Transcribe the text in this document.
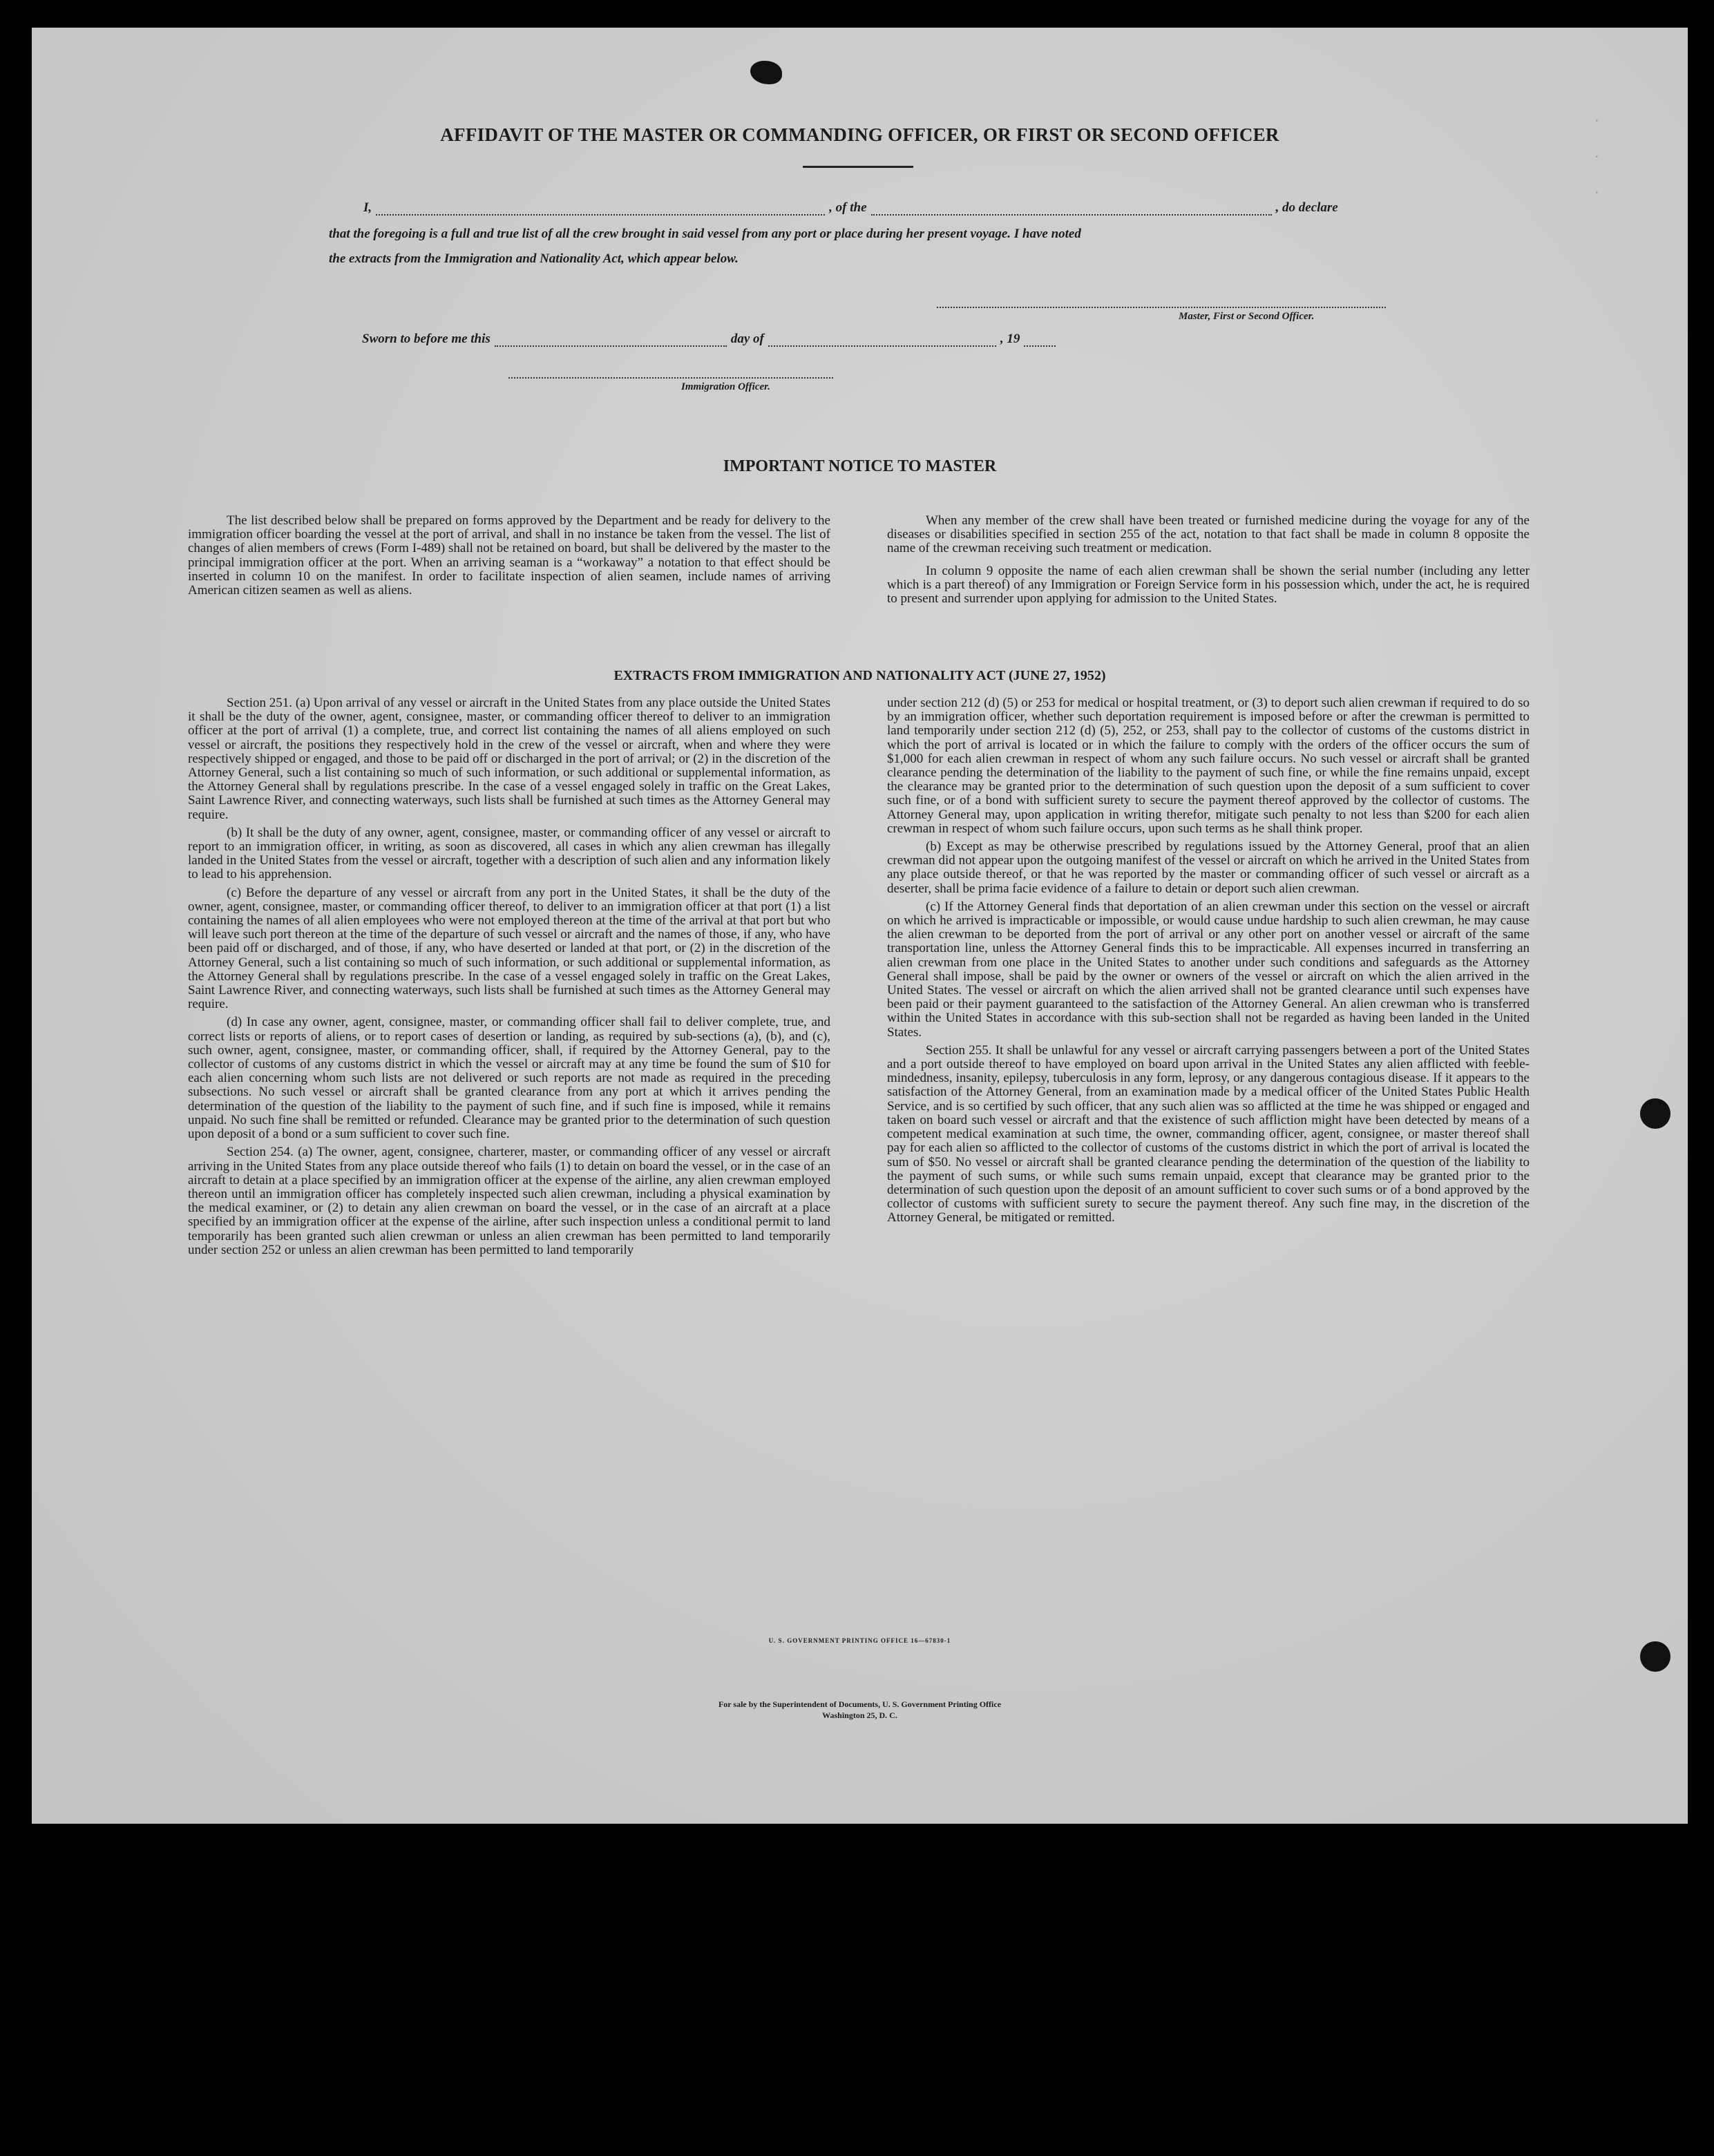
·
·
·
AFFIDAVIT OF THE MASTER OR COMMANDING OFFICER, OR FIRST OR SECOND OFFICER
I,	, of the	, do declare
that the foregoing is a full and true list of all the crew brought in said vessel from any port or place during her present voyage. I have noted
the extracts from the Immigration and Nationality Act, which appear below.
Master, First or Second Officer.
Sworn to before me this	day of	, 19
Immigration Officer.
IMPORTANT NOTICE TO MASTER

The list described below shall be prepared on forms approved by the Department and be ready for delivery to the immigration officer boarding the vessel at the port of arrival, and shall in no instance be taken from the vessel. The list of changes of alien members of crews (Form I-489) shall not be retained on board, but shall be delivered by the master to the principal immigration officer at the port. When an arriving seaman is a “workaway” a notation to that effect should be inserted in column 10 on the manifest. In order to facilitate inspection of alien seamen, include names of arriving American citizen seamen as well as aliens.

When any member of the crew shall have been treated or furnished medicine during the voyage for any of the diseases or disabilities specified in section 255 of the act, notation to that fact shall be made in column 8 opposite the name of the crewman receiving such treatment or medication.

In column 9 opposite the name of each alien crewman shall be shown the serial number (including any letter which is a part thereof) of any Immigration or Foreign Service form in his possession which, under the act, he is required to present and surrender upon applying for admission to the United States.

EXTRACTS FROM IMMIGRATION AND NATIONALITY ACT (JUNE 27, 1952)

Section 251. (a) Upon arrival of any vessel or aircraft in the United States from any place outside the United States it shall be the duty of the owner, agent, consignee, master, or commanding officer thereof to deliver to an immigration officer at the port of arrival (1) a complete, true, and correct list containing the names of all aliens employed on such vessel or aircraft, the positions they respectively hold in the crew of the vessel or aircraft, when and where they were respectively shipped or engaged, and those to be paid off or discharged in the port of arrival; or (2) in the discretion of the Attorney General, such a list containing so much of such information, or such additional or supplemental information, as the Attorney General shall by regulations prescribe. In the case of a vessel engaged solely in traffic on the Great Lakes, Saint Lawrence River, and connecting waterways, such lists shall be furnished at such times as the Attorney General may require.

(b) It shall be the duty of any owner, agent, consignee, master, or commanding officer of any vessel or aircraft to report to an immigration officer, in writing, as soon as discovered, all cases in which any alien crewman has illegally landed in the United States from the vessel or aircraft, together with a description of such alien and any information likely to lead to his apprehension.

(c) Before the departure of any vessel or aircraft from any port in the United States, it shall be the duty of the owner, agent, consignee, master, or commanding officer thereof, to deliver to an immigration officer at that port (1) a list containing the names of all alien employees who were not employed thereon at the time of the arrival at that port but who will leave such port thereon at the time of the departure of such vessel or aircraft and the names of those, if any, who have been paid off or discharged, and of those, if any, who have deserted or landed at that port, or (2) in the discretion of the Attorney General, such a list containing so much of such information, or such additional or supplemental information, as the Attorney General shall by regulations prescribe. In the case of a vessel engaged solely in traffic on the Great Lakes, Saint Lawrence River, and connecting waterways, such lists shall be furnished at such times as the Attorney General may require.

(d) In case any owner, agent, consignee, master, or commanding officer shall fail to deliver complete, true, and correct lists or reports of aliens, or to report cases of desertion or landing, as required by sub-sections (a), (b), and (c), such owner, agent, consignee, master, or commanding officer, shall, if required by the Attorney General, pay to the collector of customs of any customs district in which the vessel or aircraft may at any time be found the sum of $10 for each alien concerning whom such lists are not delivered or such reports are not made as required in the preceding subsections. No such vessel or aircraft shall be granted clearance from any port at which it arrives pending the determination of the question of the liability to the payment of such fine, and if such fine is imposed, while it remains unpaid. No such fine shall be remitted or refunded. Clearance may be granted prior to the determination of such question upon deposit of a bond or a sum sufficient to cover such fine.

Section 254. (a) The owner, agent, consignee, charterer, master, or commanding officer of any vessel or aircraft arriving in the United States from any place outside thereof who fails (1) to detain on board the vessel, or in the case of an aircraft to detain at a place specified by an immigration officer at the expense of the airline, any alien crewman employed thereon until an immigration officer has completely inspected such alien crewman, including a physical examination by the medical examiner, or (2) to detain any alien crewman on board the vessel, or in the case of an aircraft at a place specified by an immigration officer at the expense of the airline, after such inspection unless a conditional permit to land temporarily has been granted such alien crewman or unless an alien crewman has been permitted to land temporarily under section 252 or unless an alien crewman has been permitted to land temporarily

under section 212 (d) (5) or 253 for medical or hospital treatment, or (3) to deport such alien crewman if required to do so by an immigration officer, whether such deportation requirement is imposed before or after the crewman is permitted to land temporarily under section 212 (d) (5), 252, or 253, shall pay to the collector of customs of the customs district in which the port of arrival is located or in which the failure to comply with the orders of the officer occurs the sum of $1,000 for each alien crewman in respect of whom any such failure occurs. No such vessel or aircraft shall be granted clearance pending the determination of the liability to the payment of such fine, or while the fine remains unpaid, except the clearance may be granted prior to the determination of such question upon the deposit of a sum sufficient to cover such fine, or of a bond with sufficient surety to secure the payment thereof approved by the collector of customs. The Attorney General may, upon application in writing therefor, mitigate such penalty to not less than $200 for each alien crewman in respect of whom such failure occurs, upon such terms as he shall think proper.

(b) Except as may be otherwise prescribed by regulations issued by the Attorney General, proof that an alien crewman did not appear upon the outgoing manifest of the vessel or aircraft on which he arrived in the United States from any place outside thereof, or that he was reported by the master or commanding officer of such vessel or aircraft as a deserter, shall be prima facie evidence of a failure to detain or deport such alien crewman.

(c) If the Attorney General finds that deportation of an alien crewman under this section on the vessel or aircraft on which he arrived is impracticable or impossible, or would cause undue hardship to such alien crewman, he may cause the alien crewman to be deported from the port of arrival or any other port on another vessel or aircraft of the same transportation line, unless the Attorney General finds this to be impracticable. All expenses incurred in transferring an alien crewman from one place in the United States to another under such conditions and safeguards as the Attorney General shall impose, shall be paid by the owner or owners of the vessel or aircraft on which the alien arrived in the United States. The vessel or aircraft on which the alien arrived shall not be granted clearance until such expenses have been paid or their payment guaranteed to the satisfaction of the Attorney General. An alien crewman who is transferred within the United States in accordance with this sub-section shall not be regarded as having been landed in the United States.

Section 255. It shall be unlawful for any vessel or aircraft carrying passengers between a port of the United States and a port outside thereof to have employed on board upon arrival in the United States any alien afflicted with feeble-mindedness, insanity, epilepsy, tuberculosis in any form, leprosy, or any dangerous contagious disease. If it appears to the satisfaction of the Attorney General, from an examination made by a medical officer of the United States Public Health Service, and is so certified by such officer, that any such alien was so afflicted at the time he was shipped or engaged and taken on board such vessel or aircraft and that the existence of such affliction might have been detected by means of a competent medical examination at such time, the owner, commanding officer, agent, consignee, or master thereof shall pay for each alien so afflicted to the collector of customs of the customs district in which the port of arrival is located the sum of $50. No vessel or aircraft shall be granted clearance pending the determination of the question of the liability to the payment of such sums, or while such sums remain unpaid, except that clearance may be granted prior to the determination of such question upon the deposit of an amount sufficient to cover such sums or of a bond approved by the collector of customs with sufficient surety to secure the payment thereof. Any such fine may, in the discretion of the Attorney General, be mitigated or remitted.

U. S. GOVERNMENT PRINTING OFFICE 16—67830-1
For sale by the Superintendent of Documents, U. S. Government Printing Office
Washington 25, D. C.
